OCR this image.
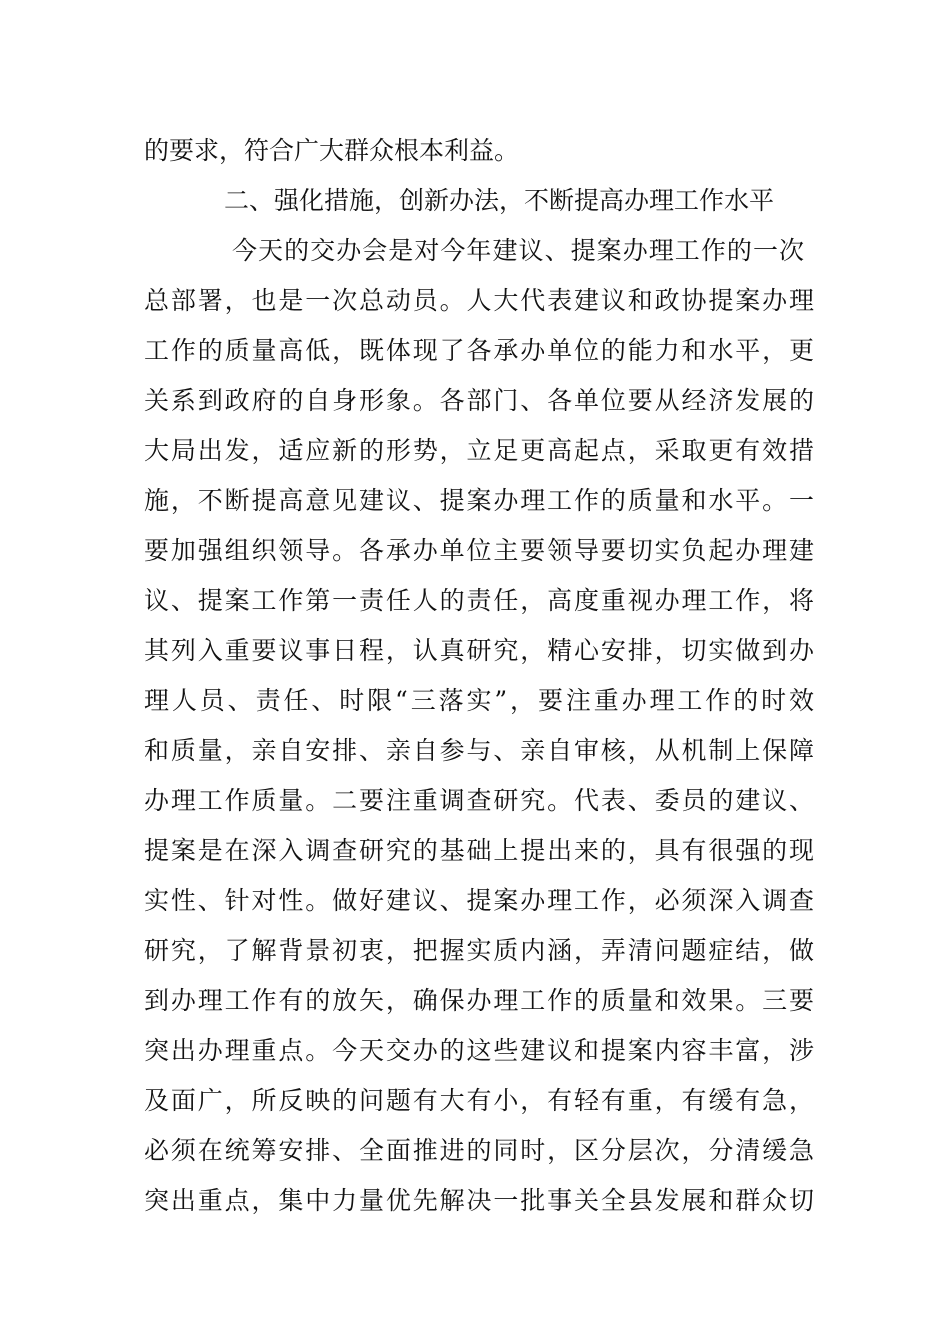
的要求，符合广大群众根本利益。

二、强化措施，创新办法，不断提高办理工作水平

今天的交办会是对今年建议、提案办理工作的一次

总部署，也是一次总动员。人大代表建议和政协提案办理

工作的质量高低，既体现了各承办单位的能力和水平，更

关系到政府的自身形象。各部门、各单位要从经济发展的

大局出发，适应新的形势，立足更高起点，采取更有效措

施，不断提高意见建议、提案办理工作的质量和水平。一

要加强组织领导。各承办单位主要领导要切实负起办理建

议、提案工作第一责任人的责任，高度重视办理工作，将

其列入重要议事日程，认真研究，精心安排，切实做到办

理人员、责任、时限“三落实”，要注重办理工作的时效

和质量，亲自安排、亲自参与、亲自审核，从机制上保障

办理工作质量。二要注重调查研究。代表、委员的建议、

提案是在深入调查研究的基础上提出来的，具有很强的现

实性、针对性。做好建议、提案办理工作，必须深入调查

研究，了解背景初衷，把握实质内涵，弄清问题症结，做

到办理工作有的放矢，确保办理工作的质量和效果。三要

突出办理重点。今天交办的这些建议和提案内容丰富，涉

及面广，所反映的问题有大有小，有轻有重，有缓有急，

必须在统筹安排、全面推进的同时，区分层次，分清缓急

突出重点，集中力量优先解决一批事关全县发展和群众切
